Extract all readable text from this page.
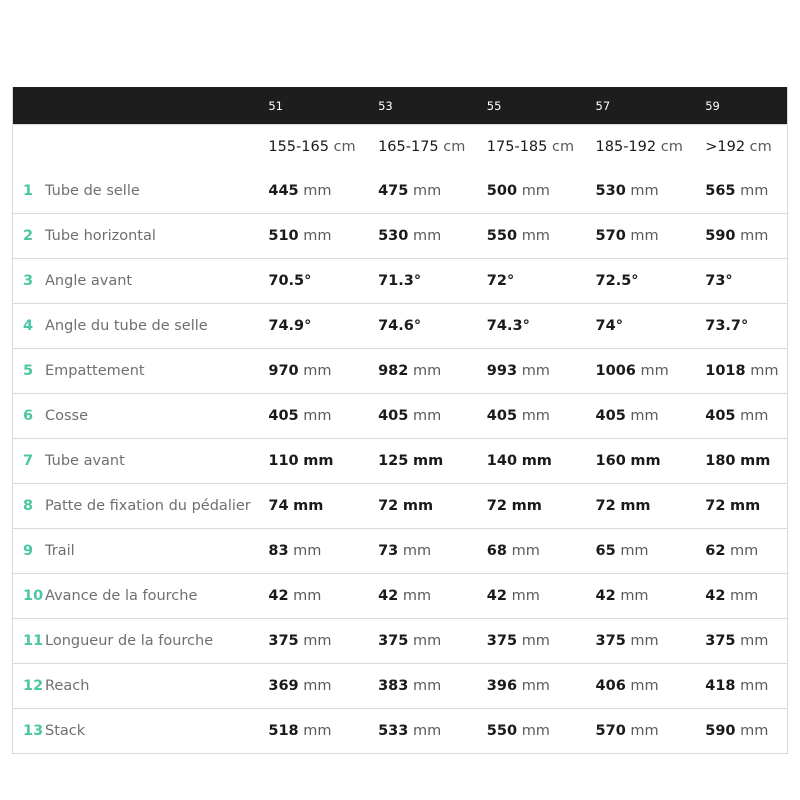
51	53	55	57	59
155-165 cm	165-175 cm	175-185 cm	185-192 cm	>192 cm
1 Tube de selle	445 mm	475 mm	500 mm	530 mm	565 mm
2 Tube horizontal	510 mm	530 mm	550 mm	570 mm	590 mm
3 Angle avant	70.5°	71.3°	72°	72.5°	73°
4 Angle du tube de selle	74.9°	74.6°	74.3°	74°	73.7°
5 Empattement	970 mm	982 mm	993 mm	1006 mm	1018 mm
6 Cosse	405 mm	405 mm	405 mm	405 mm	405 mm
7 Tube avant	110 mm	125 mm	140 mm	160 mm	180 mm
8 Patte de fixation du pédalier 74 mm	72 mm	72 mm	72 mm	72 mm
9 Trail	83 mm	73 mm	68 mm	65 mm	62 mm
10 Avance de la fourche	42 mm	42 mm	42 mm	42 mm	42 mm
11 Longueur de la fourche	375 mm	375 mm	375 mm	375 mm	375 mm
12 Reach	369 mm	383 mm	396 mm	406 mm	418 mm
13 Stack	518 mm	533 mm	550 mm	570 mm	590 mm
